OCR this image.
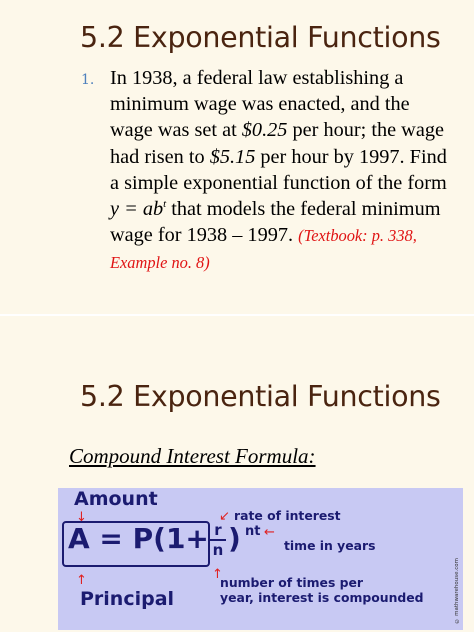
5.2 Exponential Functions
1. In 1938, a federal law establishing a minimum wage was enacted, and the wage was set at $0.25 per hour; the wage had risen to $5.15 per hour by 1997. Find a simple exponential function of the form $y = ab^t$ that models the federal minimum wage for 1938 – 1997. (Textbook: p. 338, Example no. 8)
5.2 Exponential Functions
Compound Interest Formula:
Amount
↓	rate of interest
↙
A = P(1+ r
n ) nt ←
time in years
↑
Principal
↑
number of times per
year, interest is compounded	© mathwarehouse.com
